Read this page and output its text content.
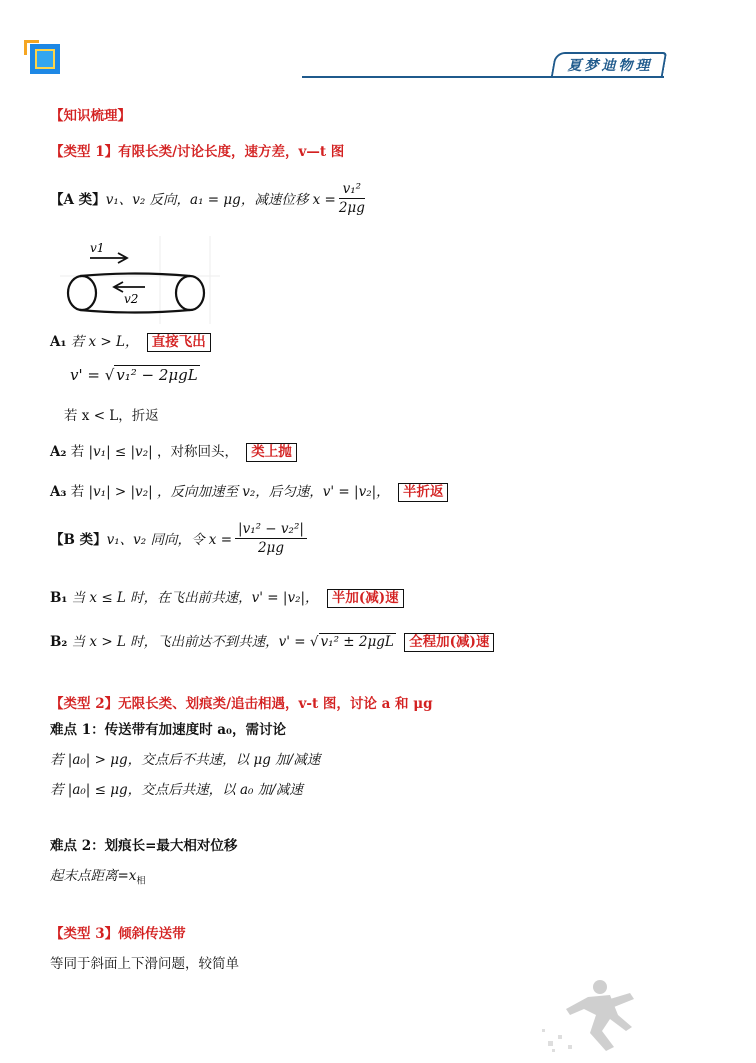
夏梦迪物理
【知识梳理】
【类型 1】有限长类/讨论长度，速方差，v—t 图
【A 类】 v₁、v₂ 反向，a₁ = μg，减速位移 $x = \frac{\text{v₁²}}{2\mu g}$
v1
v2
A₁ 若 x > L， 直接飞出
v' = √ v₁² − 2μgL
若 x < L，折返
A₂ 若 |v₁| ≤ |v₂| ，对称回头， 类上抛
A₃ 若 |v₁| > |v₂| ，反向加速至 v₂，后匀速，v' = |v₂|， 半折返
【B 类】 v₁、v₂ 同向，令 $x = \frac{\text{|v₁² − v₂²|}}{2\mu g}$
B₁ 当 x ≤ L 时，在飞出前共速，v' = |v₂|， 半加(减)速
B₂ 当 x > L 时，飞出前达不到共速，v' = √ v₁² ± 2μgL 全程加(减)速
【类型 2】无限长类、划痕类/追击相遇，v-t 图，讨论 a 和 μg
难点 1：传送带有加速度时 a₀，需讨论
若 |a₀| > μg，交点后不共速，以 μg 加/减速
若 |a₀| ≤ μg，交点后共速，以 a₀ 加/减速
难点 2：划痕长=最大相对位移
起末点距离$=x_相$
【类型 3】倾斜传送带
等同于斜面上下滑问题，较简单
